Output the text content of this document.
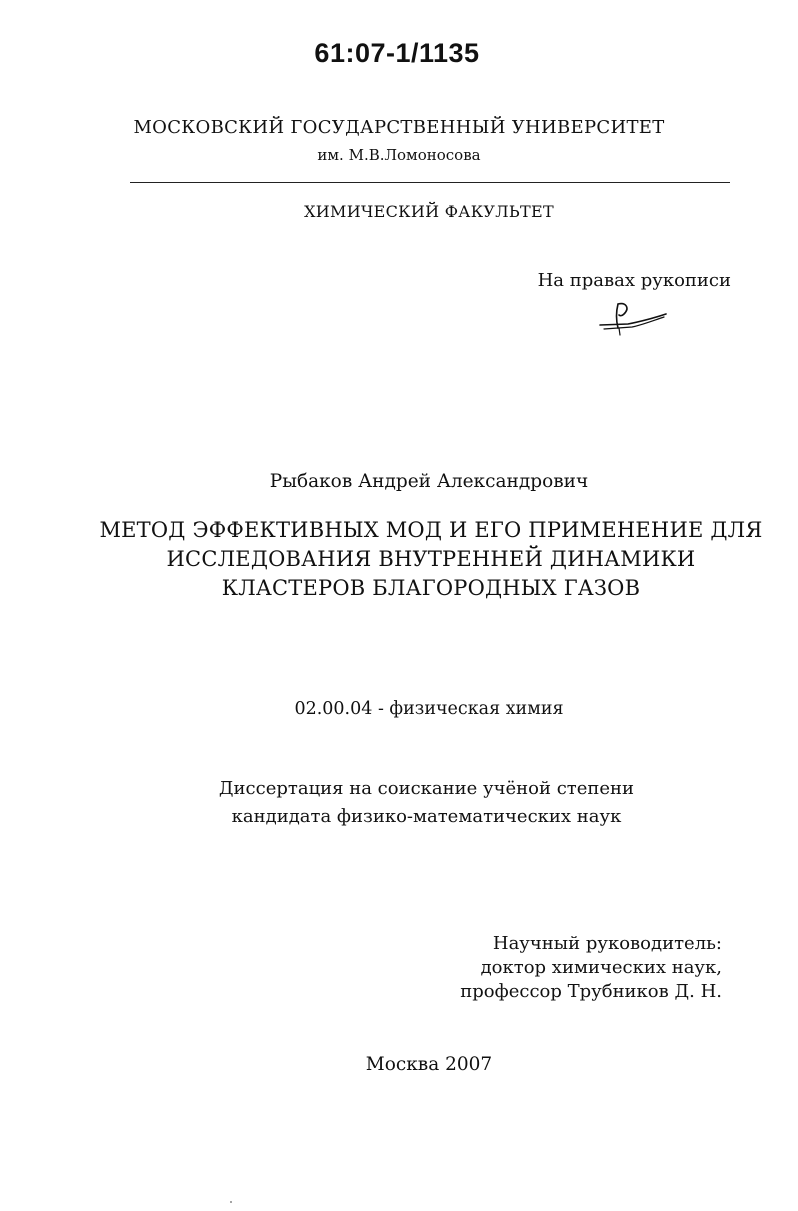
61:07-1/1135
МОСКОВСКИЙ ГОСУДАРСТВЕННЫЙ УНИВЕРСИТЕТ
им. М.В.Ломоносова
ХИМИЧЕСКИЙ ФАКУЛЬТЕТ
На правах рукописи
Рыбаков Андрей Александрович
МЕТОД ЭФФЕКТИВНЫХ МОД И ЕГО ПРИМЕНЕНИЕ ДЛЯ
ИССЛЕДОВАНИЯ ВНУТРЕННЕЙ ДИНАМИКИ
КЛАСТЕРОВ БЛАГОРОДНЫХ ГАЗОВ
02.00.04 - физическая химия
Диссертация на соискание учёной степени
кандидата физико-математических наук
Научный руководитель:
доктор химических наук,
профессор Трубников Д. Н.
Москва 2007
